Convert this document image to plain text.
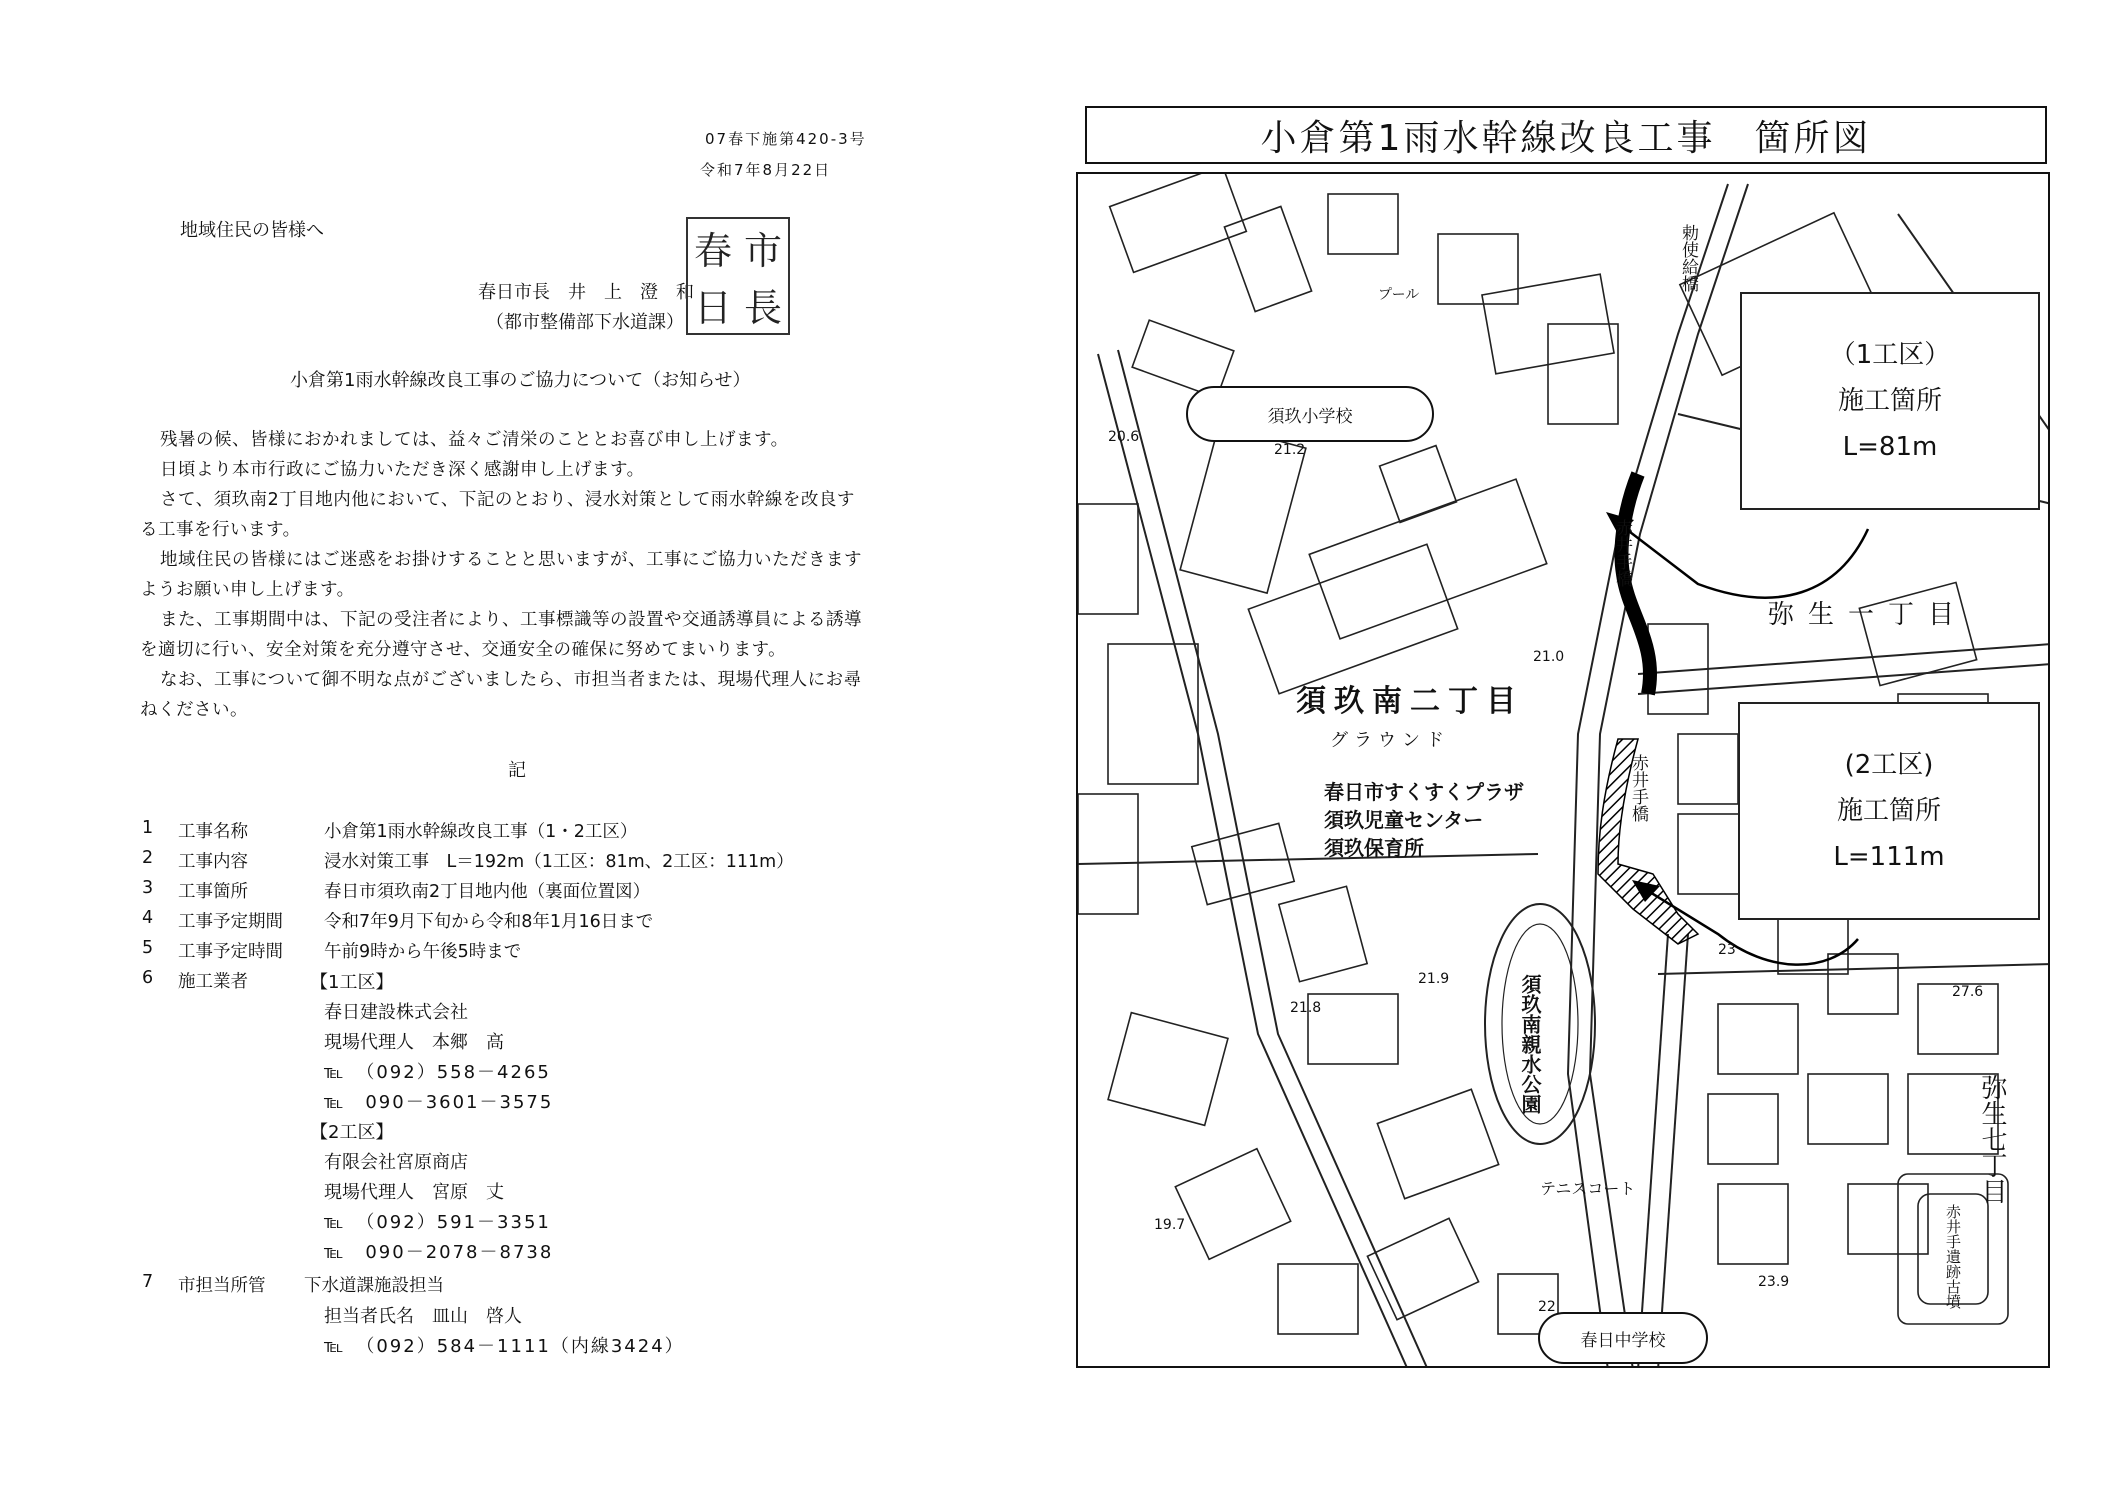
07春下施第420-3号
令和7年8月22日
地域住民の皆様へ
春日市長　井　上　澄　和
（都市整備部下水道課）
春 市
日 長
小倉第1雨水幹線改良工事のご協力について（お知らせ）
残暑の候、皆様におかれましては、益々ご清栄のこととお喜び申し上げます。
日頃より本市行政にご協力いただき深く感謝申し上げます。
さて、須玖南2丁目地内他において、下記のとおり、浸水対策として雨水幹線を改良す
る工事を行います。
地域住民の皆様にはご迷惑をお掛けすることと思いますが、工事にご協力いただきます
ようお願い申し上げます。
また、工事期間中は、下記の受注者により、工事標識等の設置や交通誘導員による誘導
を適切に行い、安全対策を充分遵守させ、交通安全の確保に努めてまいります。
なお、工事について御不明な点がございましたら、市担当者または、現場代理人にお尋
ねください。
記
1	工事名称	小倉第1雨水幹線改良工事（1・2工区）
2	工事内容	浸水対策工事　L＝192m（1工区：81m、2工区：111m）
3	工事箇所	春日市須玖南2丁目地内他（裏面位置図）
4	工事予定期間 令和7年9月下旬から令和8年1月16日まで
5	工事予定時間 午前9時から午後5時まで
6	施工業者	【1工区】
春日建設株式会社
現場代理人　本郷　高
℡　（092）558－4265
℡　090－3601－3575
【2工区】
有限会社宮原商店
現場代理人　宮原　丈
℡　（092）591－3351
℡　090－2078－8738
7	市担当所管 下水道課施設担当
担当者氏名　皿山　啓人
℡　（092）584－1111（内線3424）
小倉第1雨水幹線改良工事　箇所図
（1工区）
施工箇所
L=81m
(2工区)
施工箇所
L=111m
須玖小学校
春日中学校
須玖南二丁目
グラウンド
春日市すくすくプラザ
須玖児童センター
須玖保育所
須玖南親水公園
テニスコート
弥生一丁目
弥生七丁目
赤井手橋
赤井手橋
勅使給橋
赤井手遺跡古墳
プール
20.6
21.2
21.0
21.8
21.9
19.7
23
27.6
23.9
22
